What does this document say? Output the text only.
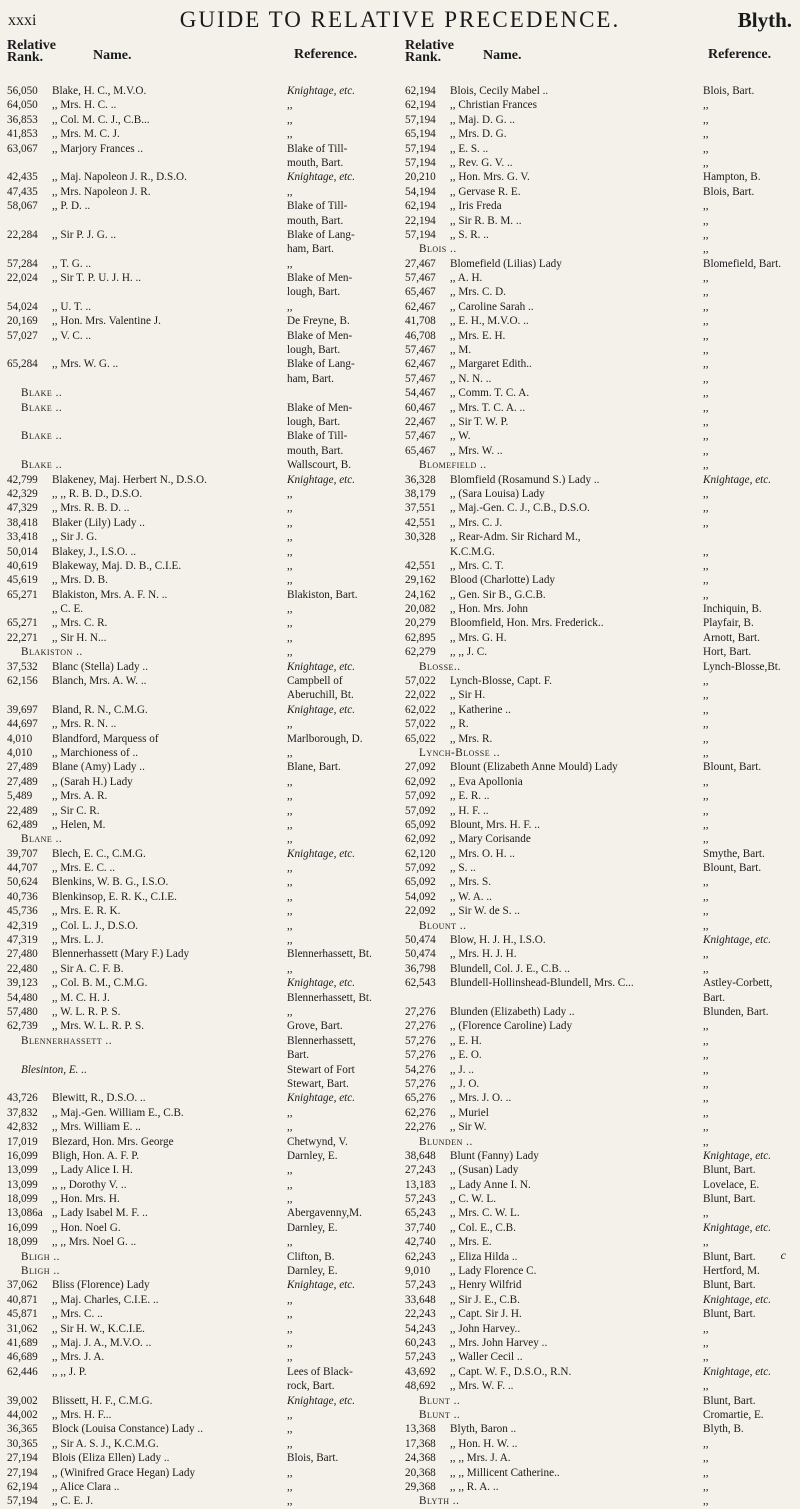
xxxi	GUIDE TO RELATIVE PRECEDENCE.	Blyth.
Relative
Rank.	Name.	Reference.
56,050	Blake, H. C., M.V.O.	Knightage, etc.
64,050	,, Mrs. H. C. ..	,,
36,853	,, Col. M. C. J., C.B...	,,
41,853	,, Mrs. M. C. J.	,,
63,067	,, Marjory Frances ..	Blake of Till-
mouth, Bart.
42,435	,, Maj. Napoleon J. R., D.S.O.	Knightage, etc.
47,435	,, Mrs. Napoleon J. R.	,,
58,067	,, P. D. ..	Blake of Till-
mouth, Bart.
22,284	,, Sir P. J. G. ..	Blake of Lang-
ham, Bart.
57,284	,, T. G. ..	,,
22,024	,, Sir T. P. U. J. H. ..	Blake of Men-
lough, Bart.
54,024	,, U. T. ..	,,
20,169	,, Hon. Mrs. Valentine J.	De Freyne, B.
57,027	,, V. C. ..	Blake of Men-
lough, Bart.
65,284	,, Mrs. W. G. ..	Blake of Lang-
ham, Bart.
Blake ..
Blake ..	Blake of Men-
lough, Bart.
Blake ..	Blake of Till-
mouth, Bart.
Blake ..	Wallscourt, B.
42,799	Blakeney, Maj. Herbert N., D.S.O.	Knightage, etc.
42,329	,, ,, R. B. D., D.S.O.	,,
47,329	,, Mrs. R. B. D. ..	,,
38,418	Blaker (Lily) Lady ..	,,
33,418	,, Sir J. G.	,,
50,014	Blakey, J., I.S.O. ..	,,
40,619	Blakeway, Maj. D. B., C.I.E.	,,
45,619	,, Mrs. D. B.	,,
65,271	Blakiston, Mrs. A. F. N. ..	Blakiston, Bart.
,, C. E.	,,
65,271	,, Mrs. C. R.	,,
22,271	,, Sir H. N...	,,
Blakiston ..	,,
37,532	Blanc (Stella) Lady ..	Knightage, etc.
62,156	Blanch, Mrs. A. W. ..	Campbell of
Aberuchill, Bt.
39,697	Bland, R. N., C.M.G.	Knightage, etc.
44,697	,, Mrs. R. N. ..	,,
4,010	Blandford, Marquess of	Marlborough, D.
4,010	,, Marchioness of ..	,,
27,489	Blane (Amy) Lady ..	Blane, Bart.
27,489	,, (Sarah H.) Lady	,,
5,489	,, Mrs. A. R.	,,
22,489	,, Sir C. R.	,,
62,489	,, Helen, M.	,,
Blane ..	,,
39,707	Blech, E. C., C.M.G.	Knightage, etc.
44,707	,, Mrs. E. C. ..	,,
50,624	Blenkins, W. B. G., I.S.O.	,,
40,736	Blenkinsop, E. R. K., C.I.E.	,,
45,736	,, Mrs. E. R. K.	,,
42,319	,, Col. L. J., D.S.O.	,,
47,319	,, Mrs. L. J.	,,
27,480	Blennerhassett (Mary F.) Lady	Blennerhassett, Bt.
22,480	,, Sir A. C. F. B.	,,
39,123	,, Col. B. M., C.M.G.	Knightage, etc.
54,480	,, M. C. H. J.	Blennerhassett, Bt.
57,480	,, W. L. R. P. S.	,,
62,739	,, Mrs. W. L. R. P. S.	Grove, Bart.
Blennerhassett ..	Blennerhassett,
Bart.
Blesinton, E. ..	Stewart of Fort
Stewart, Bart.
43,726	Blewitt, R., D.S.O. ..	Knightage, etc.
37,832	,, Maj.-Gen. William E., C.B.	,,
42,832	,, Mrs. William E. ..	,,
17,019	Blezard, Hon. Mrs. George	Chetwynd, V.
16,099	Bligh, Hon. A. F. P.	Darnley, E.
13,099	,, Lady Alice I. H.	,,
13,099	,, ,, Dorothy V. ..	,,
18,099	,, Hon. Mrs. H.	,,
13,086a ,, Lady Isabel M. F. ..	Abergavenny,M.
16,099	,, Hon. Noel G.	Darnley, E.
18,099	,, ,, Mrs. Noel G. ..	,,
Bligh ..	Clifton, B.
Bligh ..	Darnley, E.
37,062	Bliss (Florence) Lady	Knightage, etc.
40,871	,, Maj. Charles, C.I.E. ..	,,
45,871	,, Mrs. C. ..	,,
31,062	,, Sir H. W., K.C.I.E.	,,
41,689	,, Maj. J. A., M.V.O. ..	,,
46,689	,, Mrs. J. A.	,,
62,446	,, ,, J. P.	Lees of Black-
rock, Bart.
39,002	Blissett, H. F., C.M.G.	Knightage, etc.
44,002	,, Mrs. H. F...	,,
36,365	Block (Louisa Constance) Lady ..	,,
30,365	,, Sir A. S. J., K.C.M.G.	,,
27,194	Blois (Eliza Ellen) Lady ..	Blois, Bart.
27,194	,, (Winifred Grace Hegan) Lady	,,
62,194	,, Alice Clara ..	,,
57,194	,, C. E. J.	,,
Relative
Rank.	Name.	Reference.
62,194	Blois, Cecily Mabel ..	Blois, Bart.
62,194	,, Christian Frances	,,
57,194	,, Maj. D. G. ..	,,
65,194	,, Mrs. D. G.	,,
57,194	,, E. S. ..	,,
57,194	,, Rev. G. V. ..	,,
20,210	,, Hon. Mrs. G. V.	Hampton, B.
54,194	,, Gervase R. E.	Blois, Bart.
62,194	,, Iris Freda	,,
22,194	,, Sir R. B. M. ..	,,
57,194	,, S. R. ..	,,
Blois ..	,,
27,467	Blomefield (Lilias) Lady	Blomefield, Bart.
57,467	,, A. H.	,,
65,467	,, Mrs. C. D.	,,
62,467	,, Caroline Sarah ..	,,
41,708	,, E. H., M.V.O. ..	,,
46,708	,, Mrs. E. H.	,,
57,467	,, M.	,,
62,467	,, Margaret Edith..	,,
57,467	,, N. N. ..	,,
54,467	,, Comm. T. C. A.	,,
60,467	,, Mrs. T. C. A. ..	,,
22,467	,, Sir T. W. P.	,,
57,467	,, W.	,,
65,467	,, Mrs. W. ..	,,
Blomefield ..	,,
36,328	Blomfield (Rosamund S.) Lady ..	Knightage, etc.
38,179	,, (Sara Louisa) Lady	,,
37,551	,, Maj.-Gen. C. J., C.B., D.S.O.	,,
42,551	,, Mrs. C. J.	,,
30,328	,, Rear-Adm. Sir Richard M.,
K.C.M.G.	,,
42,551	,, Mrs. C. T.	,,
29,162	Blood (Charlotte) Lady	,,
24,162	,, Gen. Sir B., G.C.B.	,,
20,082	,, Hon. Mrs. John	Inchiquin, B.
20,279	Bloomfield, Hon. Mrs. Frederick..	Playfair, B.
62,895	,, Mrs. G. H.	Arnott, Bart.
62,279	,, ,, J. C.	Hort, Bart.
Blosse..	Lynch-Blosse,Bt.
57,022	Lynch-Blosse, Capt. F.	,,
22,022	,, Sir H.	,,
62,022	,, Katherine ..	,,
57,022	,, R.	,,
65,022	,, Mrs. R.	,,
Lynch-Blosse ..	,,
27,092	Blount (Elizabeth Anne Mould) Lady	Blount, Bart.
62,092	,, Eva Apollonia	,,
57,092	,, E. R. ..	,,
57,092	,, H. F. ..	,,
65,092	Blount, Mrs. H. F. ..	,,
62,092	,, Mary Corisande	,,
62,120	,, Mrs. O. H. ..	Smythe, Bart.
57,092	,, S. ..	Blount, Bart.
65,092	,, Mrs. S.	,,
54,092	,, W. A. ..	,,
22,092	,, Sir W. de S. ..	,,
Blount ..	,,
50,474	Blow, H. J. H., I.S.O.	Knightage, etc.
50,474	,, Mrs. H. J. H.	,,
36,798	Blundell, Col. J. E., C.B. ..	,,
62,543	Blundell-Hollinshead-Blundell, Mrs. C...	Astley-Corbett,
Bart.
27,276	Blunden (Elizabeth) Lady ..	Blunden, Bart.
27,276	,, (Florence Caroline) Lady	,,
57,276	,, E. H.	,,
57,276	,, E. O.	,,
54,276	,, J. ..	,,
57,276	,, J. O.	,,
65,276	,, Mrs. J. O. ..	,,
62,276	,, Muriel	,,
22,276	,, Sir W.	,,
Blunden ..	,,
38,648	Blunt (Fanny) Lady	Knightage, etc.
27,243	,, (Susan) Lady	Blunt, Bart.
13,183	,, Lady Anne I. N.	Lovelace, E.
57,243	,, C. W. L.	Blunt, Bart.
65,243	,, Mrs. C. W. L.	,,
37,740	,, Col. E., C.B.	Knightage, etc.
42,740	,, Mrs. E.	,,
62,243	,, Eliza Hilda ..	Blunt, Bart.
9,010	,, Lady Florence C.	Hertford, M.
57,243	,, Henry Wilfrid	Blunt, Bart.
33,648	,, Sir J. E., C.B.	Knightage, etc.
22,243	,, Capt. Sir J. H.	Blunt, Bart.
54,243	,, John Harvey..	,,
60,243	,, Mrs. John Harvey ..	,,
57,243	,, Waller Cecil ..	,,
43,692	,, Capt. W. F., D.S.O., R.N.	Knightage, etc.
48,692	,, Mrs. W. F. ..	,,
Blunt ..	Blunt, Bart.
Blunt ..	Cromartie, E.
13,368	Blyth, Baron ..	Blyth, B.
17,368	,, Hon. H. W. ..	,,
24,368	,, ,, Mrs. J. A.	,,
20,368	,, ,, Millicent Catherine..	,,
29,368	,, ,, R. A. ..	,,
Blyth ..	,,
c
